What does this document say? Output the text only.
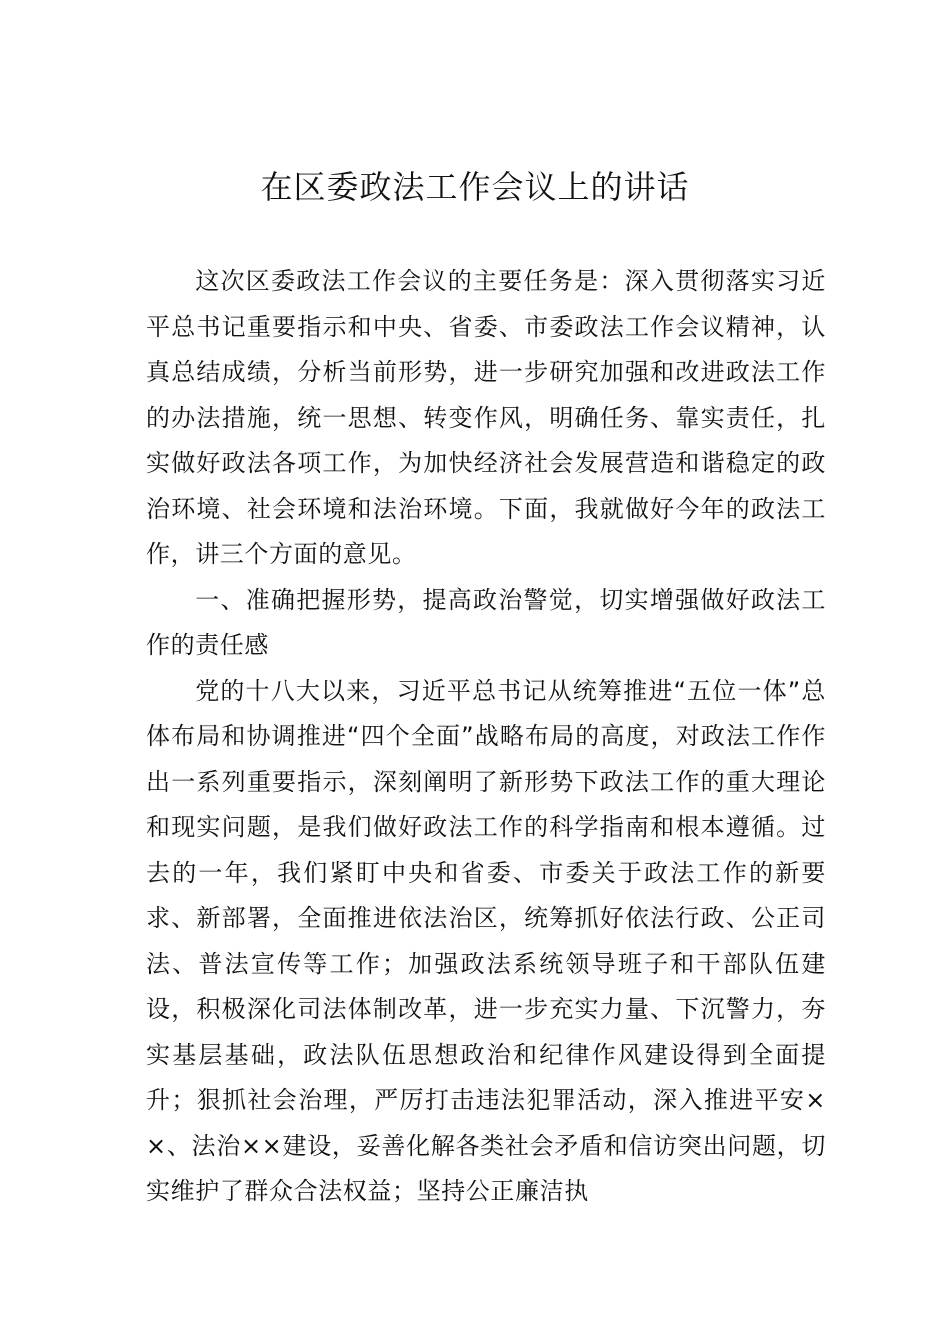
在区委政法工作会议上的讲话

这次区委政法工作会议的主要任务是：深入贯彻落实习近平总书记重要指示和中央、省委、市委政法工作会议精神，认真总结成绩，分析当前形势，进一步研究加强和改进政法工作的办法措施，统一思想、转变作风，明确任务、靠实责任，扎实做好政法各项工作，为加快经济社会发展营造和谐稳定的政治环境、社会环境和法治环境。下面，我就做好今年的政法工作，讲三个方面的意见。

一、准确把握形势，提高政治警觉，切实增强做好政法工作的责任感

党的十八大以来，习近平总书记从统筹推进“五位一体”总体布局和协调推进“四个全面”战略布局的高度，对政法工作作出一系列重要指示，深刻阐明了新形势下政法工作的重大理论和现实问题，是我们做好政法工作的科学指南和根本遵循。过去的一年，我们紧盯中央和省委、市委关于政法工作的新要求、新部署，全面推进依法治区，统筹抓好依法行政、公正司法、普法宣传等工作；加强政法系统领导班子和干部队伍建设，积极深化司法体制改革，进一步充实力量、下沉警力，夯实基层基础，政法队伍思想政治和纪律作风建设得到全面提升；狠抓社会治理，严厉打击违法犯罪活动，深入推进平安××、法治××建设，妥善化解各类社会矛盾和信访突出问题，切实维护了群众合法权益；坚持公正廉洁执
